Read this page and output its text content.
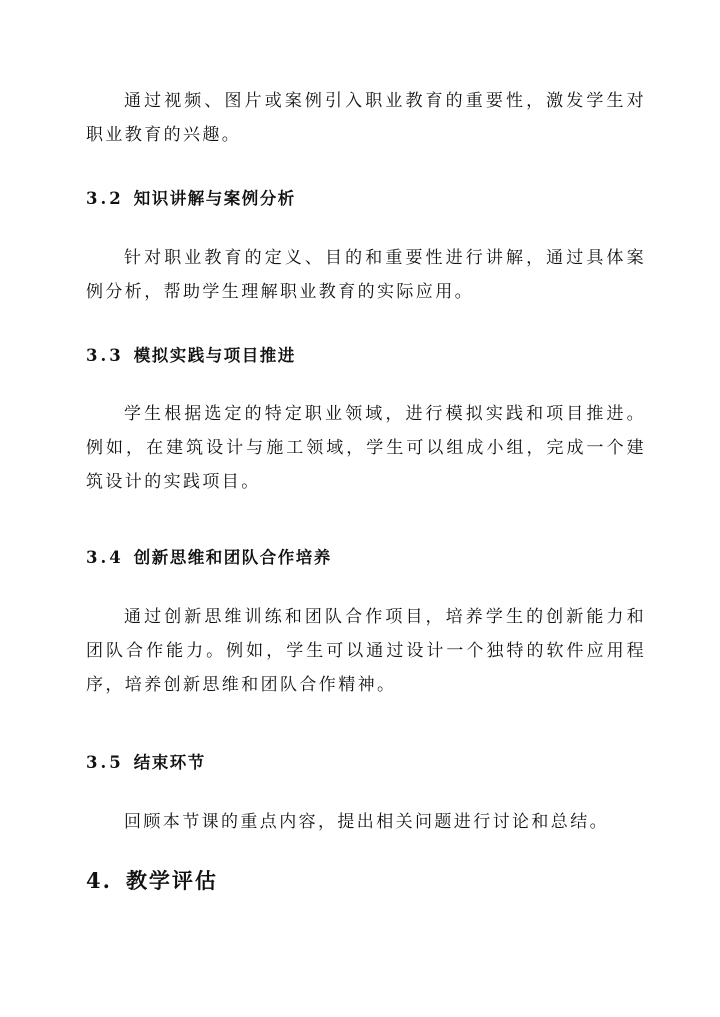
通过视频、图片或案例引入职业教育的重要性，激发学生对职业教育的兴趣。

3.2 知识讲解与案例分析

针对职业教育的定义、目的和重要性进行讲解，通过具体案例分析，帮助学生理解职业教育的实际应用。

3.3 模拟实践与项目推进

学生根据选定的特定职业领域，进行模拟实践和项目推进。例如，在建筑设计与施工领域，学生可以组成小组，完成一个建筑设计的实践项目。

3.4 创新思维和团队合作培养

通过创新思维训练和团队合作项目，培养学生的创新能力和团队合作能力。例如，学生可以通过设计一个独特的软件应用程序，培养创新思维和团队合作精神。

3.5 结束环节

回顾本节课的重点内容，提出相关问题进行讨论和总结。

4. 教学评估
